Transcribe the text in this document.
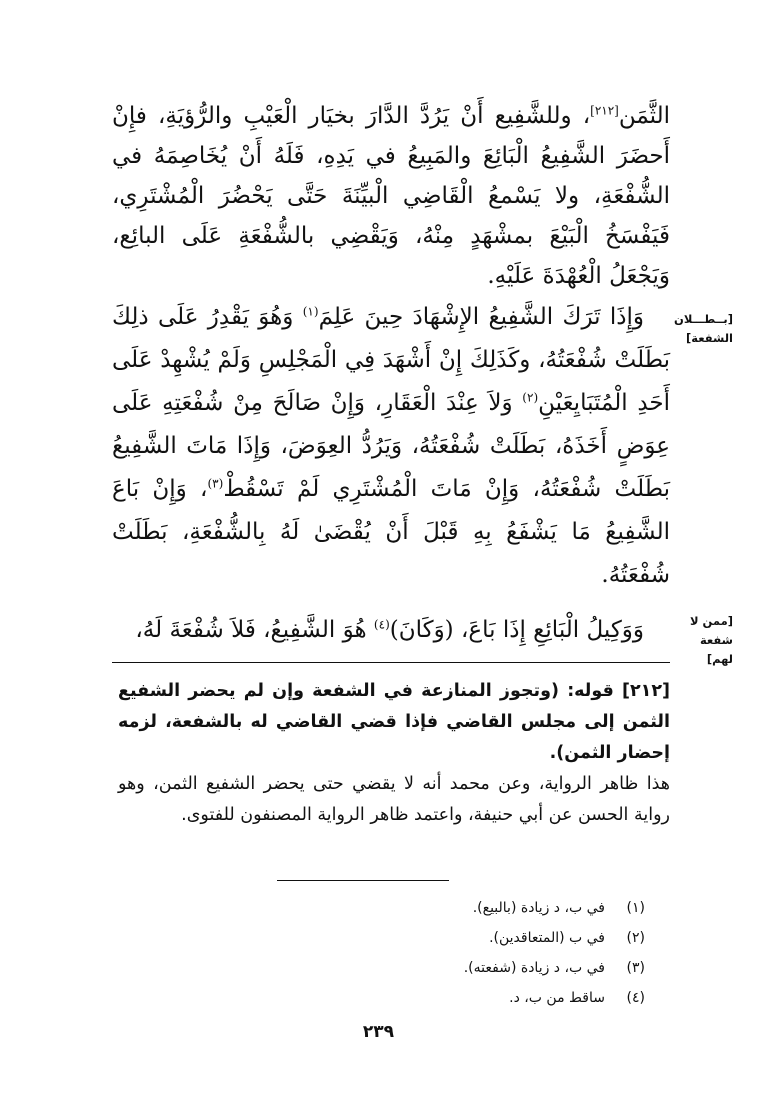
الثَّمَن[٢١٢]، وللشَّفِيع أَنْ يَرُدَّ الدَّارَ بخيَار الْعَيْبِ والرُّؤيَةِ، فإِنْ أَحضَرَ الشَّفِيعُ الْبَائِعَ والمَبِيعُ في يَدِهِ، فَلَهُ أَنْ يُخَاصِمَهُ في الشُّفْعَةِ، ولا يَسْمعُ الْقَاضِي الْبيِّنَةَ حَتَّى يَحْضُرَ الْمُشْتَرِي، فَيَفْسَخُ الْبَيْعَ بمشْهَدٍ مِنْهُ، وَيَقْضِي بالشُّفْعَةِ عَلَى البائِع، وَيَجْعَلُ الْعُهْدَةَ عَلَيْهِ.

وَإِذَا تَرَكَ الشَّفِيعُ الإِشْهَادَ حِينَ عَلِمَ$^{(١)}$ وَهُوَ يَقْدِرُ عَلَى ذلِكَ بَطَلَتْ شُفْعَتُهُ، وكَذَلِكَ إِنْ أَشْهَدَ فِي الْمَجْلِسِ وَلَمْ يُشْهِدْ عَلَى أَحَدِ الْمُتَبَايِعَيْنِ$^{(٢)}$ وَلاَ عِنْدَ الْعَقَارِ، وَإِنْ صَالَحَ مِنْ شُفْعَتِهِ عَلَى عِوَضٍ أَخَذَهُ، بَطَلَتْ شُفْعَتُهُ، وَيَرُدُّ العِوَضَ، وَإِذَا مَاتَ الشَّفِيعُ بَطَلَتْ شُفْعَتُهُ، وَإِنْ مَاتَ الْمُشْتَرِي لَمْ تَسْقُطْ$^{(٣)}$، وَإِنْ بَاعَ الشَّفِيعُ مَا يَشْفَعُ بِهِ قَبْلَ أَنْ يُقْضَىٰ لَهُ بِالشُّفْعَةِ، بَطَلَتْ شُفْعَتُهُ.

وَوَكِيلُ الْبَائِعِ إِذَا بَاعَ، (وَكَانَ)$^{(٤)}$ هُوَ الشَّفِيعُ، فَلاَ شُفْعَةَ لَهُ،

[بــطـــلان الشفعة]
[ممن لا شفعة لهم]

[٢١٢] قوله: (وتجوز المنازعة في الشفعة وإن لم يحضر الشفيع الثمن إلى مجلس القاضي فإذا قضي القاضي له بالشفعة، لزمه إحضار الثمن).

هذا ظاهر الرواية، وعن محمد أنه لا يقضي حتى يحضر الشفيع الثمن، وهو رواية الحسن عن أبي حنيفة، واعتمد ظاهر الرواية المصنفون للفتوى.

(١)
في ب، د زيادة (بالبيع).
(٢)
في ب (المتعاقدين).
(٣)
في ب، د زيادة (شفعته).
(٤)
ساقط من ب، د.
٢٣٩
